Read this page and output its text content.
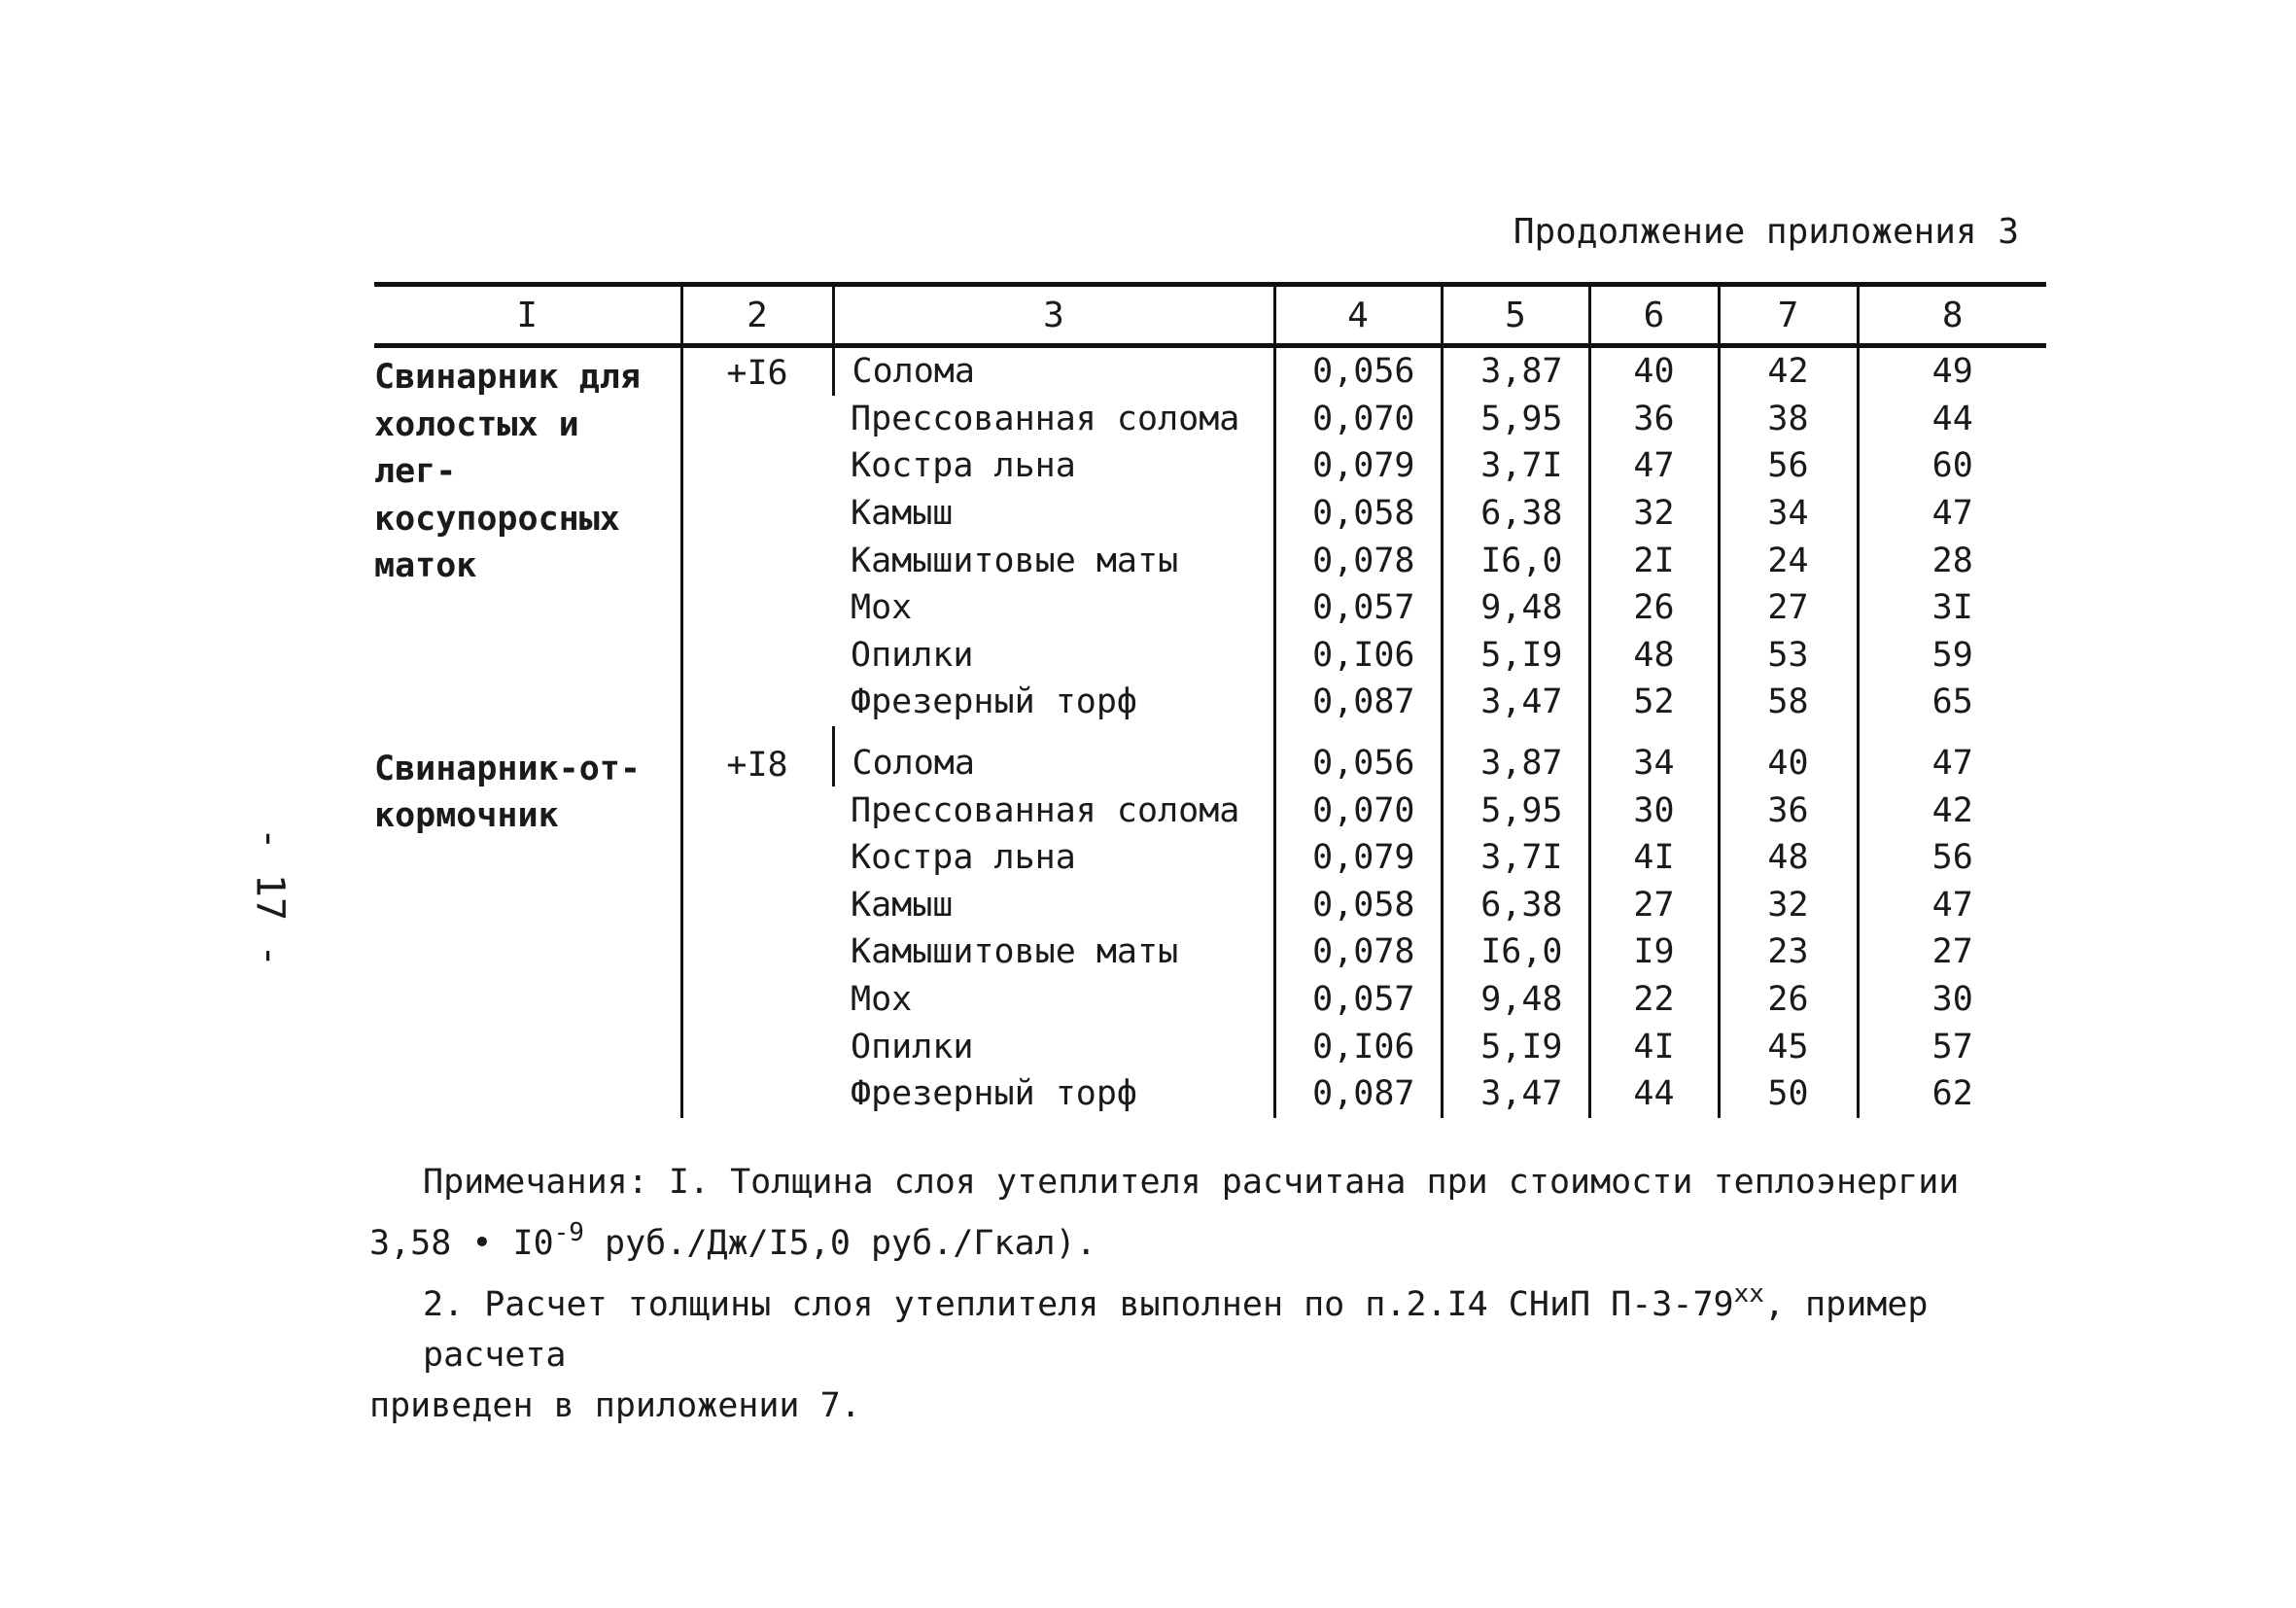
- 17 -
Продолжение приложения 3
I	2	3	4	5	6	7	8
Свинарник для
холостых и лег-
косупоросных
маток	+I6	Солома	0,056	3,87	40	42	49
		Прессованная солома	0,070	5,95	36	38	44
		Костра льна	0,079	3,7I	47	56	60
		Камыш	0,058	6,38	32	34	47
		Камышитовые маты	0,078	I6,0	2I	24	28
		Мох	0,057	9,48	26	27	3I
		Опилки	0,I06	5,I9	48	53	59
		Фрезерный торф	0,087	3,47	52	58	65

Свинарник-от-
кормочник	+I8	Солома	0,056	3,87	34	40	47
		Прессованная солома	0,070	5,95	30	36	42
		Костра льна	0,079	3,7I	4I	48	56
		Камыш	0,058	6,38	27	32	47
		Камышитовые маты	0,078	I6,0	I9	23	27
		Мох	0,057	9,48	22	26	30
		Опилки	0,I06	5,I9	4I	45	57
		Фрезерный торф	0,087	3,47	44	50	62

Примечания: I. Толщина слоя утеплителя расчитана при стоимости теплоэнергии

3,58 • $I0^{-9}$ руб./Дж/I5,0 руб./Гкал).

2. Расчет толщины слоя утеплителя выполнен по п.2.I4 СНиП $П-3-79^{хх}$, пример расчета

приведен в приложении 7.
